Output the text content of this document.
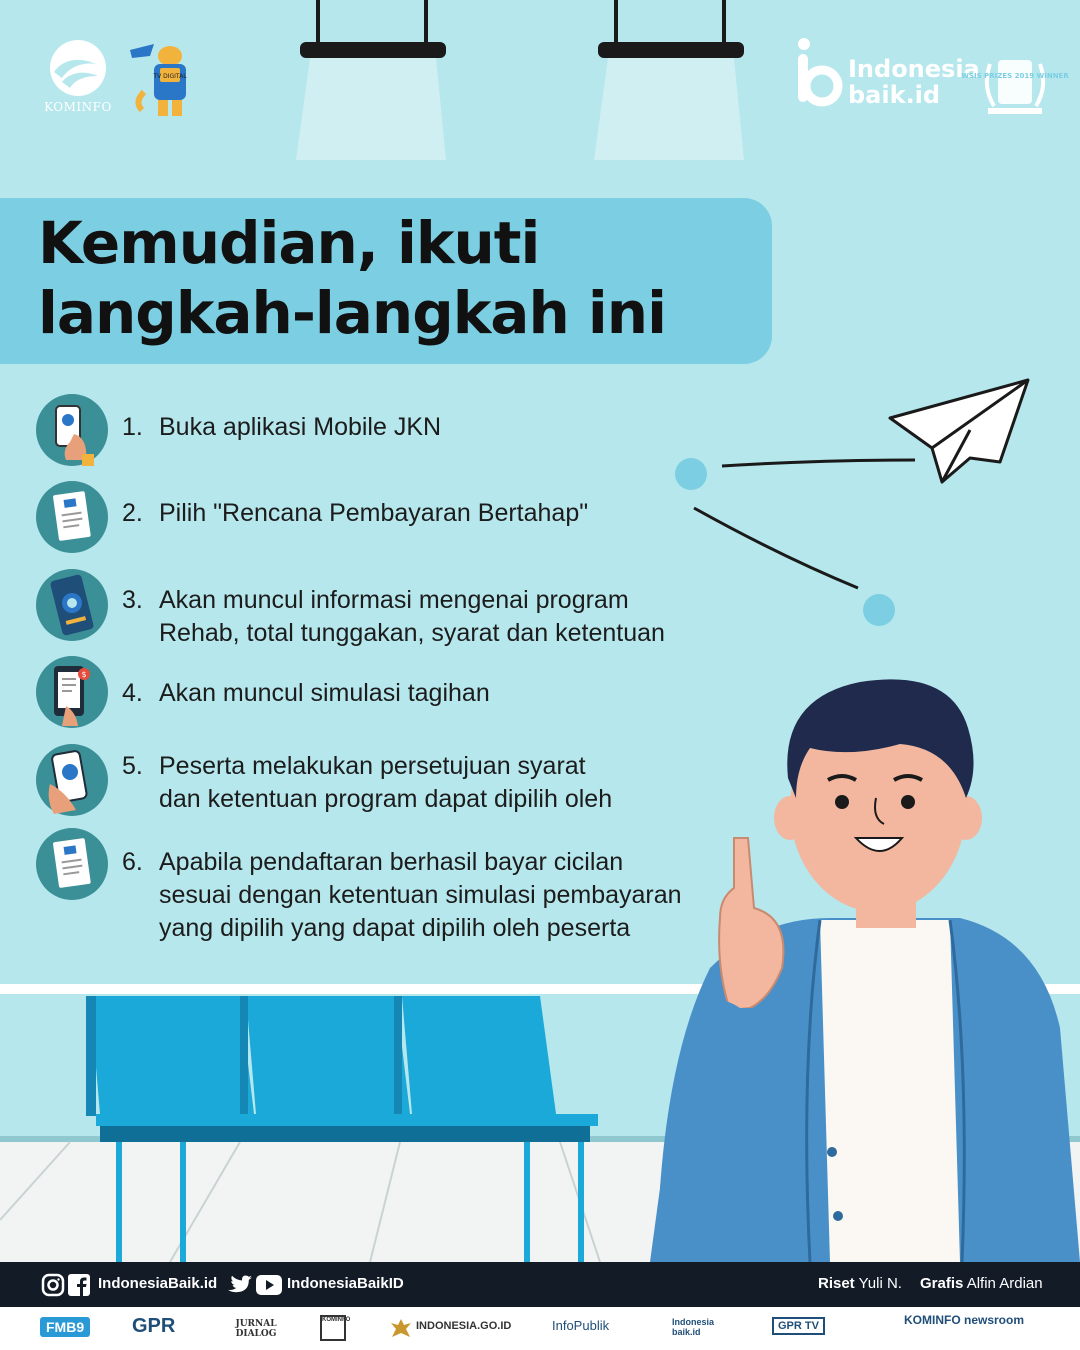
KOMINFO
TV DIGITAL	Indonesia
baik.id
WSIS PRIZES 2019 WINNER
Kemudian, ikuti
langkah-langkah ini
1. Buka aplikasi Mobile JKN
2. Pilih "Rencana Pembayaran Bertahap"
3. Akan muncul informasi mengenai program
Rehab, total tunggakan, syarat dan ketentuan
$
4. Akan muncul simulasi tagihan
5. Peserta melakukan persetujuan syarat
dan ketentuan program dapat dipilih oleh
6. Apabila pendaftaran berhasil bayar cicilan
sesuai dengan ketentuan simulasi pembayaran
yang dipilih yang dapat dipilih oleh peserta
IndonesiaBaik.id	IndonesiaBaikID	Riset Yuli N. Grafis Alfin Ardian
FMB9	GPR	JURNAL DIALOG
KOMINFO	INDONESIA.GO.ID	InfoPublik	Indonesia baik.id	GPR TV	KOMINFO newsroom
